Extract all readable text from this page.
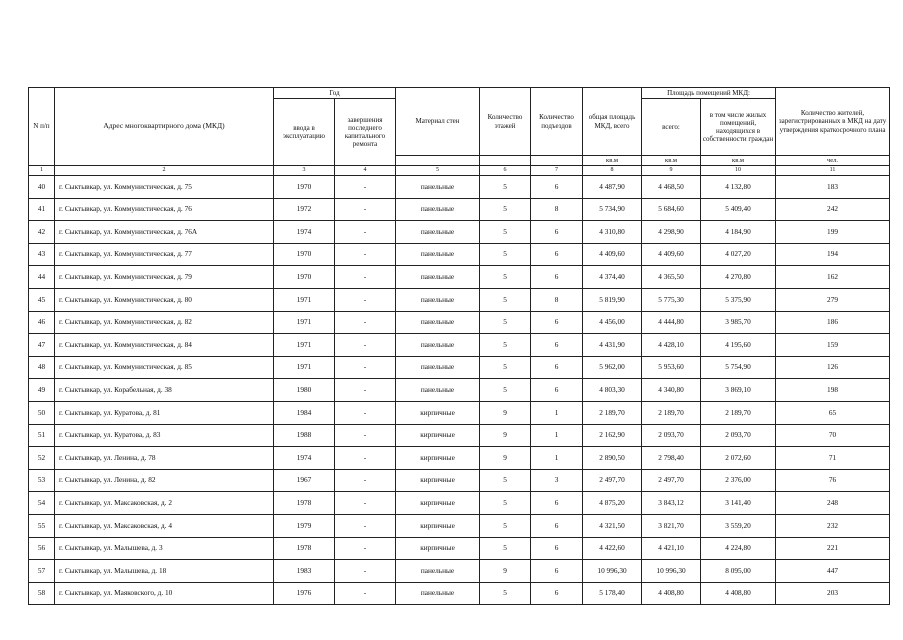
N п/п	Адрес многоквартирного дома (МКД)	Год		Материал стен	Количество этажей	Количество подъездов	общая площадь МКД, всего	Площадь помещений МКД:		Количество жителей, зарегистрированных в МКД на дату утверждения краткосрочного плана
		ввода в эксплуатацию	завершения последнего капитального ремонта					всего:	в том числе жилых помещений, находящихся в собственности граждан	
							кв.м	кв.м	кв.м	чел.
1	2	3	4	5	6	7	8	9	10	11
40	г. Сыктывкар, ул. Коммунистическая, д. 75	1970	-	панельные	5	6	4 487,90	4 468,50	4 132,80	183
41	г. Сыктывкар, ул. Коммунистическая, д. 76	1972	-	панельные	5	8	5 734,90	5 684,60	5 409,40	242
42	г. Сыктывкар, ул. Коммунистическая, д. 76А	1974	-	панельные	5	6	4 310,80	4 298,90	4 184,90	199
43	г. Сыктывкар, ул. Коммунистическая, д. 77	1970	-	панельные	5	6	4 409,60	4 409,60	4 027,20	194
44	г. Сыктывкар, ул. Коммунистическая, д. 79	1970	-	панельные	5	6	4 374,40	4 365,50	4 270,80	162
45	г. Сыктывкар, ул. Коммунистическая, д. 80	1971	-	панельные	5	8	5 819,90	5 775,30	5 375,90	279
46	г. Сыктывкар, ул. Коммунистическая, д. 82	1971	-	панельные	5	6	4 456,00	4 444,80	3 985,70	186
47	г. Сыктывкар, ул. Коммунистическая, д. 84	1971	-	панельные	5	6	4 431,90	4 428,10	4 195,60	159
48	г. Сыктывкар, ул. Коммунистическая, д. 85	1971	-	панельные	5	6	5 962,00	5 953,60	5 754,90	126
49	г. Сыктывкар, ул. Корабельная, д. 38	1980	-	панельные	5	6	4 803,30	4 340,80	3 869,10	198
50	г. Сыктывкар, ул. Куратова, д. 81	1984	-	кирпичные	9	1	2 189,70	2 189,70	2 189,70	65
51	г. Сыктывкар, ул. Куратова, д. 83	1988	-	кирпичные	9	1	2 162,90	2 093,70	2 093,70	70
52	г. Сыктывкар, ул. Ленина, д. 78	1974	-	кирпичные	9	1	2 890,50	2 798,40	2 072,60	71
53	г. Сыктывкар, ул. Ленина, д. 82	1967	-	кирпичные	5	3	2 497,70	2 497,70	2 376,00	76
54	г. Сыктывкар, ул. Максаковская, д. 2	1978	-	кирпичные	5	6	4 875,20	3 843,12	3 141,40	248
55	г. Сыктывкар, ул. Максаковская, д. 4	1979	-	кирпичные	5	6	4 321,50	3 821,70	3 559,20	232
56	г. Сыктывкар, ул. Малышева, д. 3	1978	-	кирпичные	5	6	4 422,60	4 421,10	4 224,80	221
57	г. Сыктывкар, ул. Малышева, д. 18	1983	-	панельные	9	6	10 996,30	10 996,30	8 095,00	447
58	г. Сыктывкар, ул. Маяковского, д. 10	1976	-	панельные	5	6	5 178,40	4 408,80	4 408,80	203
